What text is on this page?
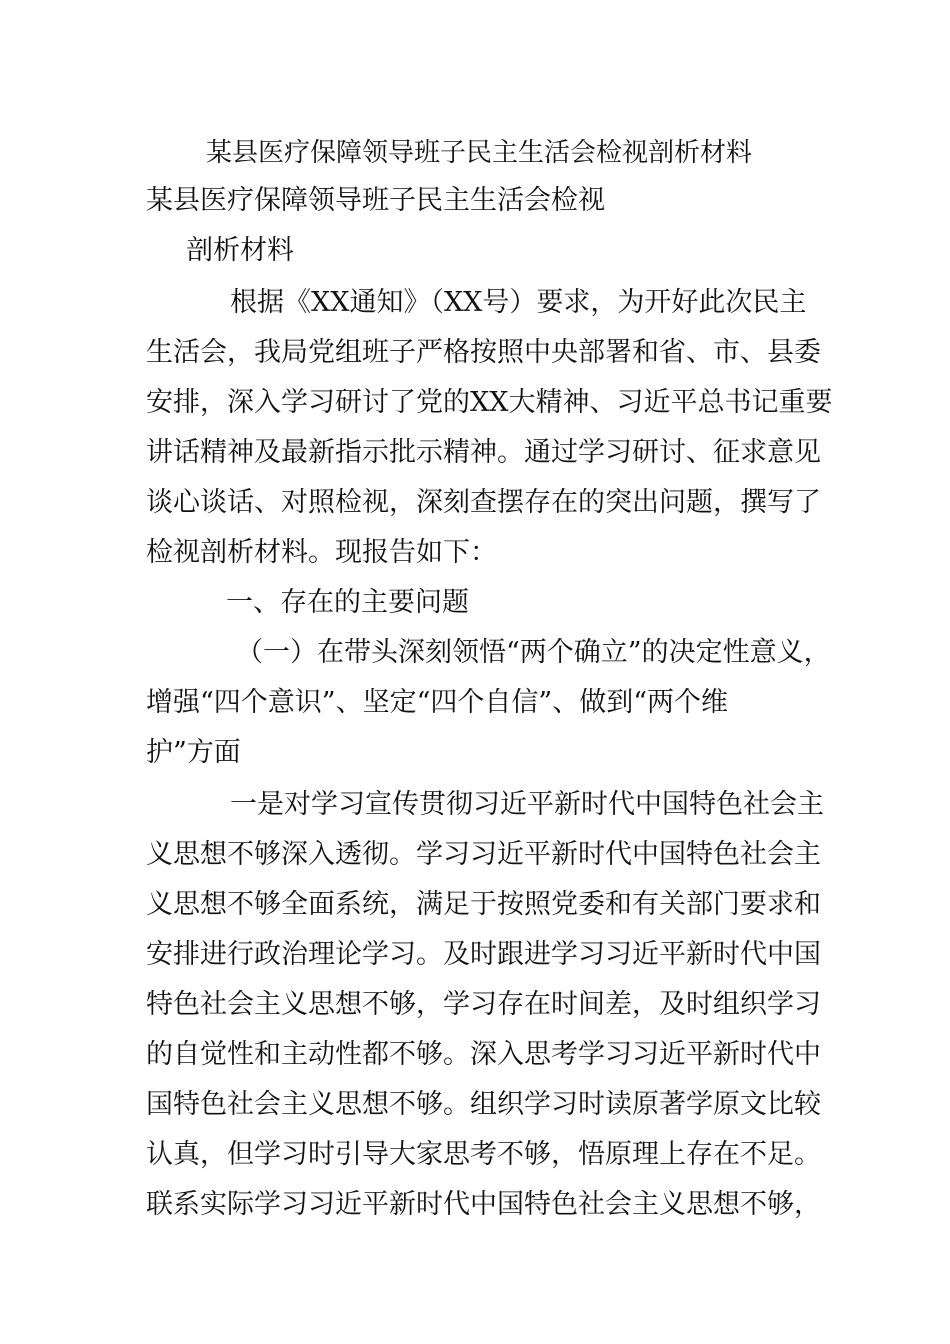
某县医疗保障领导班子民主生活会检视剖析材料
某县医疗保障领导班子民主生活会检视
剖析材料
根据《XX通知》（XX号）要求，为开好此次民主
生活会，我局党组班子严格按照中央部署和省、市、县委
安排，深入学习研讨了党的XX大精神、习近平总书记重要
讲话精神及最新指示批示精神。通过学习研讨、征求意见
谈心谈话、对照检视，深刻查摆存在的突出问题，撰写了
检视剖析材料。现报告如下：
一、存在的主要问题
（一）在带头深刻领悟“两个确立”的决定性意义，
增强“四个意识”、坚定“四个自信”、做到“两个维
护”方面
一是对学习宣传贯彻习近平新时代中国特色社会主
义思想不够深入透彻。学习习近平新时代中国特色社会主
义思想不够全面系统，满足于按照党委和有关部门要求和
安排进行政治理论学习。及时跟进学习习近平新时代中国
特色社会主义思想不够，学习存在时间差，及时组织学习
的自觉性和主动性都不够。深入思考学习习近平新时代中
国特色社会主义思想不够。组织学习时读原著学原文比较
认真，但学习时引导大家思考不够，悟原理上存在不足。
联系实际学习习近平新时代中国特色社会主义思想不够，
